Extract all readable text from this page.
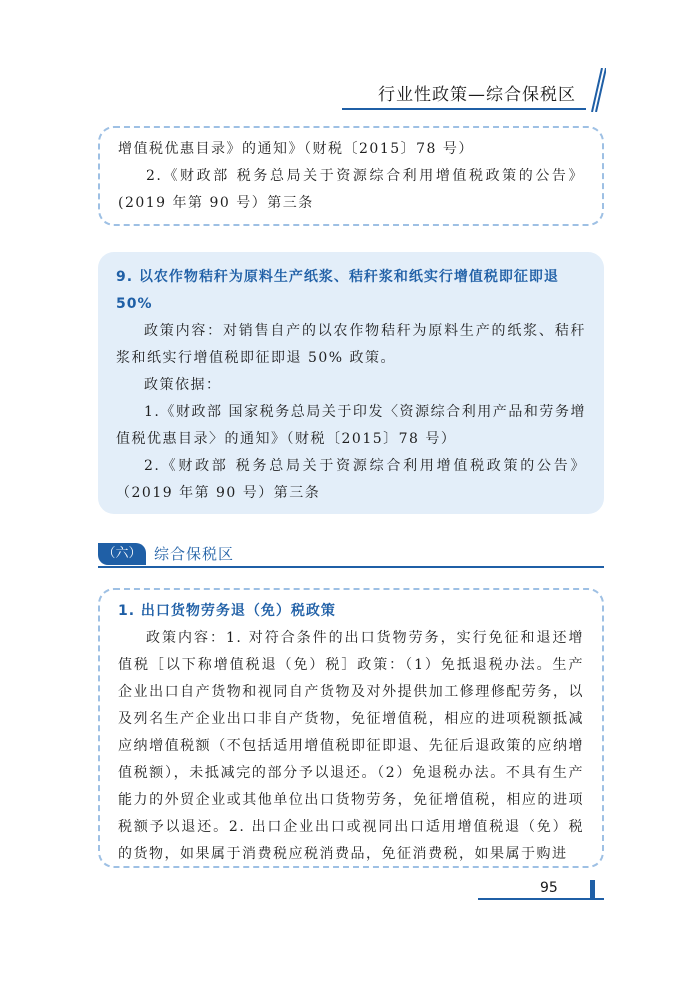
行业性政策—综合保税区

增值税优惠目录》的通知》（财税〔2015〕78 号）

2.《财政部 税务总局关于资源综合利用增值税政策的公告》(2019 年第 90 号）第三条

9. 以农作物秸秆为原料生产纸浆、秸秆浆和纸实行增值税即征即退 50%

政策内容：对销售自产的以农作物秸秆为原料生产的纸浆、秸秆浆和纸实行增值税即征即退 50% 政策。

政策依据：

1.《财政部 国家税务总局关于印发〈资源综合利用产品和劳务增值税优惠目录〉的通知》（财税〔2015〕78 号）

2.《财政部 税务总局关于资源综合利用增值税政策的公告》（2019 年第 90 号）第三条

（六） 综合保税区

1. 出口货物劳务退（免）税政策

政策内容：1. 对符合条件的出口货物劳务，实行免征和退还增值税［以下称增值税退（免）税］政策：（1）免抵退税办法。生产企业出口自产货物和视同自产货物及对外提供加工修理修配劳务，以及列名生产企业出口非自产货物，免征增值税，相应的进项税额抵减应纳增值税额（不包括适用增值税即征即退、先征后退政策的应纳增值税额），未抵减完的部分予以退还。（2）免退税办法。不具有生产能力的外贸企业或其他单位出口货物劳务，免征增值税，相应的进项税额予以退还。2. 出口企业出口或视同出口适用增值税退（免）税的货物，如果属于消费税应税消费品，免征消费税，如果属于购进

95
